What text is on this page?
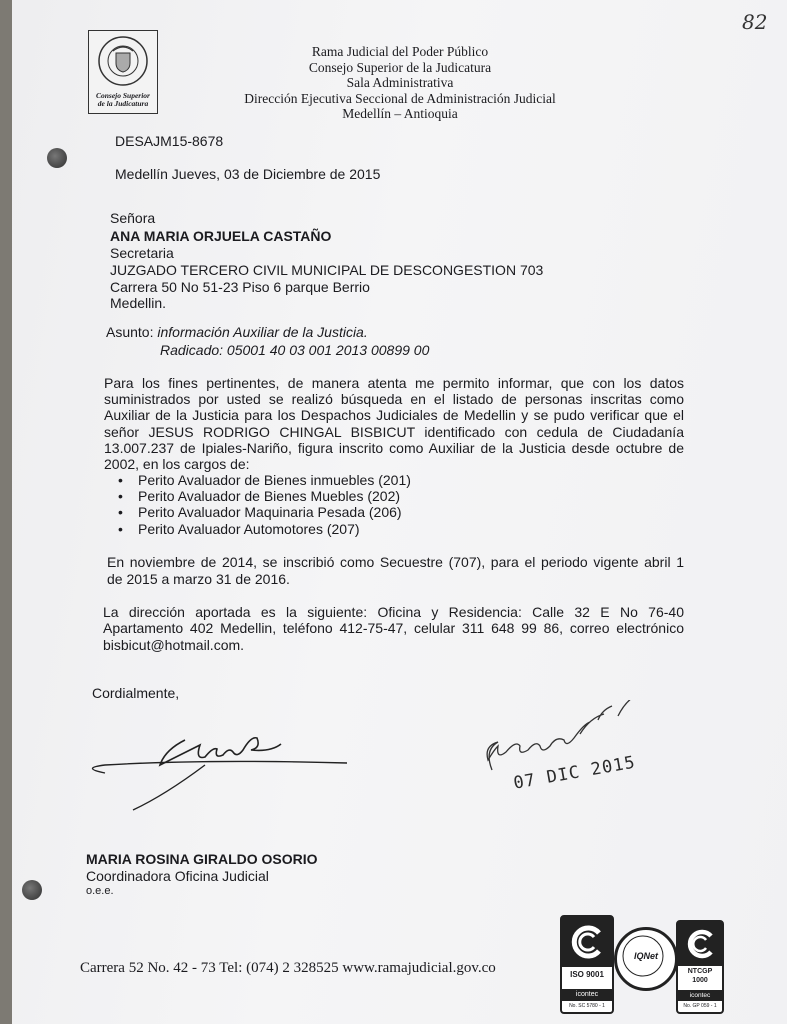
82
Consejo Superior
de la Judicatura
Rama Judicial del Poder Público
Consejo Superior de la Judicatura
Sala Administrativa
Dirección Ejecutiva Seccional de Administración Judicial
Medellín – Antioquia
DESAJM15-8678
Medellín Jueves, 03 de Diciembre de 2015
Señora
ANA MARIA ORJUELA CASTAÑO
Secretaria
JUZGADO TERCERO CIVIL MUNICIPAL DE DESCONGESTION 703
Carrera 50 No 51-23 Piso 6 parque Berrio
Medellin.
Asunto: información Auxiliar de la Justicia.
Radicado: 05001 40 03 001 2013 00899 00
Para los fines pertinentes, de manera atenta me permito informar, que con los datos
suministrados por usted se realizó búsqueda en el listado de personas inscritas como
Auxiliar de la Justicia para los Despachos Judiciales de Medellin y se pudo verificar que el
señor JESUS RODRIGO CHINGAL BISBICUT identificado con cedula de Ciudadanía
13.007.237 de Ipiales-Nariño, figura inscrito como Auxiliar de la Justicia desde octubre de
2002, en los cargos de:
• Perito Avaluador de Bienes inmuebles (201)
• Perito Avaluador de Bienes Muebles (202)
• Perito Avaluador Maquinaria Pesada (206)
• Perito Avaluador Automotores (207)
En noviembre de 2014, se inscribió como Secuestre (707), para el periodo vigente abril 1
de 2015 a marzo 31 de 2016.
La dirección aportada es la siguiente: Oficina y Residencia: Calle 32 E No 76-40
Apartamento 402 Medellin, teléfono 412-75-47, celular 311 648 99 86, correo electrónico
bisbicut@hotmail.com.
Cordialmente,
07 DIC 2015
MARIA ROSINA GIRALDO OSORIO
Coordinadora Oficina Judicial
o.e.e.
Carrera 52 No. 42 - 73 Tel: (074) 2 328525 www.ramajudicial.gov.co	ISO 9001
icontec
No. SC 5780 - 1
IQNet
NTCGP
1000
icontec
No. GP 059 - 1
